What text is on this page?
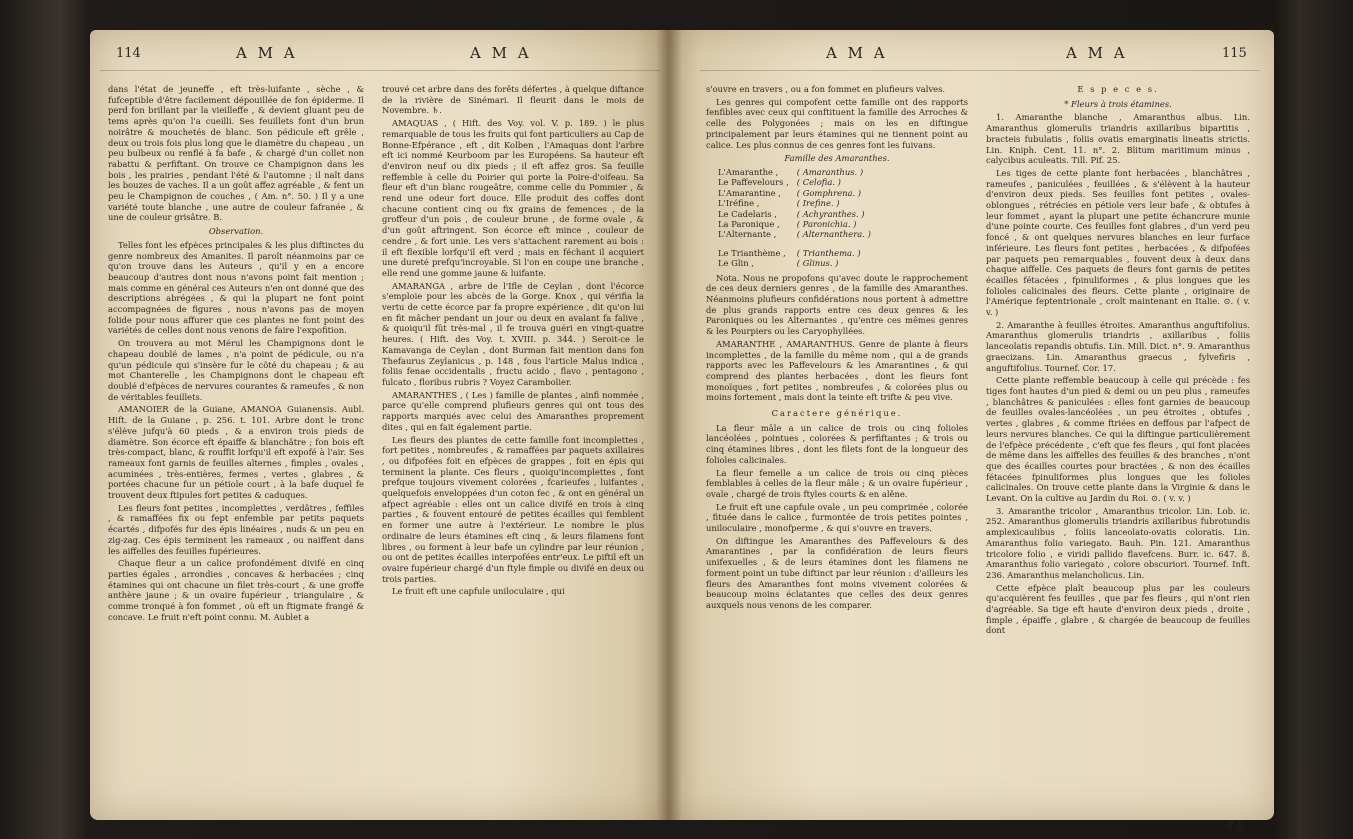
114	A M A	A M A	A M A	A M A	115

dans l'état de jeuneffe , eft très-luifante , sèche , & fufceptible d'être facilement dépouillée de fon épiderme. Il perd fon brillant par la vieilleffe , & devient gluant peu de tems après qu'on l'a cueilli. Ses feuillets font d'un brun noirâtre & mouchetés de blanc. Son pédicule eft grêle , deux ou trois fois plus long que le diamètre du chapeau , un peu bulbeux ou renflé à fa bafe , & chargé d'un collet non rabattu & perfiftant. On trouve ce Champignon dans les bois , les prairies , pendant l'été & l'automne ; il naît dans les bouzes de vaches. Il a un goût affez agréable , & fent un peu le Champignon de couches , ( Am. n°. 50. ) Il y a une variété toute blanche , une autre de couleur fafranée , & une de couleur grisâtre. B.

Observation.

Telles font les efpèces principales & les plus diftinctes du genre nombreux des Amanites. Il paroît néanmoins par ce qu'on trouve dans les Auteurs , qu'il y en a encore beaucoup d'autres dont nous n'avons point fait mention ; mais comme en général ces Auteurs n'en ont donné que des descriptions abrégées , & qui la plupart ne font point accompagnées de figures , nous n'avons pas de moyen folide pour nous affurer que ces plantes ne font point des variétés de celles dont nous venons de faire l'expofition.

On trouvera au mot Mérul les Champignons dont le chapeau doublé de lames , n'a point de pédicule, ou n'a qu'un pédicule qui s'insère fur le côté du chapeau ; & au mot Chanterelle , les Champignons dont le chapeau eft doublé d'efpèces de nervures courantes & rameufes , & non de véritables feuillets.

AMANOIER de la Guiane, AMANOA Guianensis. Aubl. Hift. de la Guiane , p. 256. t. 101. Arbre dont le tronc s'élève jufqu'à 60 pieds , & a environ trois pieds de diamètre. Son écorce eft épaiffe & blanchâtre ; fon bois eft très-compact, blanc, & rouffit lorfqu'il eft expofé à l'air. Ses rameaux font garnis de feuilles alternes , fimples , ovales , acuminées , très-entières, fermes , vertes , glabres , & portées chacune fur un pétiole court , à la bafe duquel fe trouvent deux ftipules fort petites & caduques.

Les fleurs font petites , incomplettes , verdâtres , feffiles , & ramaffées fix ou fept enfemble par petits paquets écartés , difpofés fur des épis linéaires , nuds & un peu en zig-zag. Ces épis terminent les rameaux , ou naiffent dans les aiffelles des feuilles fupérieures.

Chaque fleur a un calice profondément divifé en cinq parties égales , arrondies , concaves & herbacées ; cinq étamines qui ont chacune un filet très-court , & une groffe anthère jaune ; & un ovaire fupérieur , triangulaire , & comme tronqué à fon fommet , où eft un ftigmate frangé & concave. Le fruit n'eft point connu. M. Aublet a

trouvé cet arbre dans des forêts défertes , à quelque diftance de la rivière de Sinémari. Il fleurit dans le mois de Novembre. ♄.

AMAQUAS , ( Hift. des Voy. vol. V. p. 189. ) le plus remarquable de tous les fruits qui font particuliers au Cap de Bonne-Efpérance , eft , dit Kolben , l'Amaquas dont l'arbre eft ici nommé Keurboom par les Européens. Sa hauteur eft d'environ neuf ou dix pieds ; il eft affez gros. Sa feuille reffemble à celle du Poirier qui porte la Poire-d'oifeau. Sa fleur eft d'un blanc rougeâtre, comme celle du Pommier , & rend une odeur fort douce. Elle produit des coffes dont chacune contient cinq ou fix grains de femences , de la groffeur d'un pois , de couleur brune , de forme ovale , & d'un goût aftringent. Son écorce eft mince , couleur de cendre , & fort unie. Les vers s'attachent rarement au bois : il eft flexible lorfqu'il eft verd ; mais en féchant il acquiert une dureté prefqu'incroyable. Si l'on en coupe une branche , elle rend une gomme jaune & luifante.

AMARANGA , arbre de l'Ifle de Ceylan , dont l'écorce s'emploie pour les abcès de la Gorge. Knox , qui vérifia la vertu de cette écorce par fa propre expérience , dit qu'on lui en fit mâcher pendant un jour ou deux en avalant fa falive , & quoiqu'il fût très-mal , il fe trouva guéri en vingt-quatre heures. ( Hift. des Voy. t. XVIII. p. 344. ) Seroit-ce le Kamavanga de Ceylan , dont Burman fait mention dans fon Thefaurus Zeylanicus , p. 148 , fous l'article Malus indica , foliis fenae occidentalis , fructu acido , flavo , pentagono , fulcato , floribus rubris ? Voyez Carambolier.

AMARANTHES , ( Les ) famille de plantes , ainfi nommée , parce qu'elle comprend plufieurs genres qui ont tous des rapports marqués avec celui des Amaranthes proprement dites , qui en fait également partie.

Les fleurs des plantes de cette famille font incomplettes , fort petites , nombreufes , & ramaffées par paquets axillaires , ou difpofées foit en efpèces de grappes , foit en épis qui terminent la plante. Ces fleurs , quoiqu'incomplettes , font prefque toujours vivement colorées , fcarieufes , luifantes , quelquefois enveloppées d'un coton fec , & ont en général un afpect agréable : elles ont un calice divifé en trois à cinq parties , & fouvent entouré de petites écailles qui femblent en former une autre à l'extérieur. Le nombre le plus ordinaire de leurs étamines eft cinq , & leurs filamens font libres , ou forment à leur bafe un cylindre par leur réunion , ou ont de petites écailles interpofées entr'eux. Le piftil eft un ovaire fupérieur chargé d'un ftyle fimple ou divifé en deux ou trois parties.

Le fruit eft une capfule uniloculaire , qui

s'ouvre en travers , ou a fon fommet en plufieurs valves.

Les genres qui compofent cette famille ont des rapports fenfibles avec ceux qui conftituent la famille des Arroches & celle des Polygonées ; mais on les en diftingue principalement par leurs étamines qui ne tiennent point au calice. Les plus connus de ces genres font les fuivans.

Famille des Amaranthes.
L'Amaranthe ,	( Amaranthus. )
Le Paffevelours ,	( Celofia. )
L'Amarantine ,	( Gomphrena. )
L'Iréfine ,	( Irefine. )
Le Cadelaris ,	( Achyranthes. )
La Paronique ,	( Paronichia. )
L'Alternante ,	( Alternanthera. )

Le Trianthème ,	( Trianthema. )
Le Glin ,	( Glinus. )

Nota. Nous ne propofons qu'avec doute le rapprochement de ces deux derniers genres , de la famille des Amaranthes. Néanmoins plufieurs confidérations nous portent à admettre de plus grands rapports entre ces deux genres & les Paroniques ou les Alternantes , qu'entre ces mêmes genres & les Pourpiers ou les Caryophyllées.

AMARANTHE , AMARANTHUS. Genre de plante à fleurs incomplettes , de la famille du même nom , qui a de grands rapports avec les Paffevelours & les Amarantines , & qui comprend des plantes herbacées , dont les fleurs font monoïques , fort petites , nombreufes , & colorées plus ou moins fortement , mais dont la teinte eft trifte & peu vive.

Caractere générique.

La fleur mâle a un calice de trois ou cinq folioles lancéolées , pointues , colorées & perfiftantes ; & trois ou cinq étamines libres , dont les filets font de la longueur des folioles calicinales.

La fleur femelle a un calice de trois ou cinq pièces femblables à celles de la fleur mâle ; & un ovaire fupérieur , ovale , chargé de trois ftyles courts & en alêne.

Le fruit eft une capfule ovale , un peu comprimée , colorée , fituée dans le calice , furmontée de trois petites pointes , uniloculaire , monofperme , & qui s'ouvre en travers.

On diftingue les Amaranthes des Paffevelours & des Amarantines , par la confidération de leurs fleurs unifexuelles , & de leurs étamines dont les filamens ne forment point un tube diftinct par leur réunion : d'ailleurs les fleurs des Amaranthes font moins vivement colorées & beaucoup moins éclatantes que celles des deux genres auxquels nous venons de les comparer.

E s p e c e s.
* Fleurs à trois étamines.

1. Amaranthe blanche , Amaranthus albus. Lin. Amaranthus glomerulis triandris axillaribus bipartitis , bracteis fubulatis , foliis ovatis emarginatis lineatis strictis. Lin. Kniph. Cent. 11. n°. 2. Blitum maritimum minus , calycibus aculeatis. Till. Pif. 25.

Les tiges de cette plante font herbacées , blanchâtres , rameufes , paniculées , feuillées , & s'élèvent à la hauteur d'environ deux pieds. Ses feuilles font petites , ovales-oblongues , rétrécies en pétiole vers leur bafe , & obtufes à leur fommet , ayant la plupart une petite échancrure munie d'une pointe courte. Ces feuilles font glabres , d'un verd peu foncé , & ont quelques nervures blanches en leur furface inférieure. Les fleurs font petites , herbacées , & difpofées par paquets peu remarquables , fouvent deux à deux dans chaque aiffelle. Ces paquets de fleurs font garnis de petites écailles fétacées , fpinuliformes , & plus longues que les folioles calicinales des fleurs. Cette plante , originaire de l'Amérique feptentrionale , croît maintenant en Italie. ⊙. ( v. v. )

2. Amaranthe à feuilles étroites. Amaranthus anguftifolius. Amaranthus glomerulis triandris , axillaribus , foliis lanceolatis repandis obtufis. Lin. Mill. Dict. n°. 9. Amaranthus graecizans. Lin. Amaranthus graecus , fylvefiris , anguftifolius. Tournef. Cor. 17.

Cette plante reffemble beaucoup à celle qui précède : fes tiges font hautes d'un pied & demi ou un peu plus , rameufes , blanchâtres & paniculées : elles font garnies de beaucoup de feuilles ovales-lancéolées , un peu étroites , obtufes , vertes , glabres , & comme ftriées en deffous par l'afpect de leurs nervures blanches. Ce qui la diftingue particulièrement de l'efpèce précédente , c'eft que fes fleurs , qui font placées de même dans les aiffelles des feuilles & des branches , n'ont que des écailles courtes pour bractées , & non des écailles fétacées fpinuliformes plus longues que les folioles calicinales. On trouve cette plante dans la Virginie & dans le Levant. On la cultive au Jardin du Roi. ⊙. ( v. v. )

3. Amaranthe tricolor , Amaranthus tricolor. Lin. Lob. ic. 252. Amaranthus glomerulis triandris axillaribus fubrotundis amplexicaulibus , foliis lanceolato-ovatis coloratis. Lin. Amaranthus folio variegato. Bauh. Pin. 121. Amaranthus tricolore folio , e viridi pallido flavefcens. Burr. ic. 647. ß. Amaranthus folio variegato , colore obscuriori. Tournef. Inft. 236. Amaranthus melancholicus. Lin.

Cette efpèce plaît beaucoup plus par les couleurs qu'acquièrent fes feuilles , que par fes fleurs , qui n'ont rien d'agréable. Sa tige eft haute d'environ deux pieds , droite , fimple , épaiffe , glabre , & chargée de beaucoup de feuilles dont

P ij
